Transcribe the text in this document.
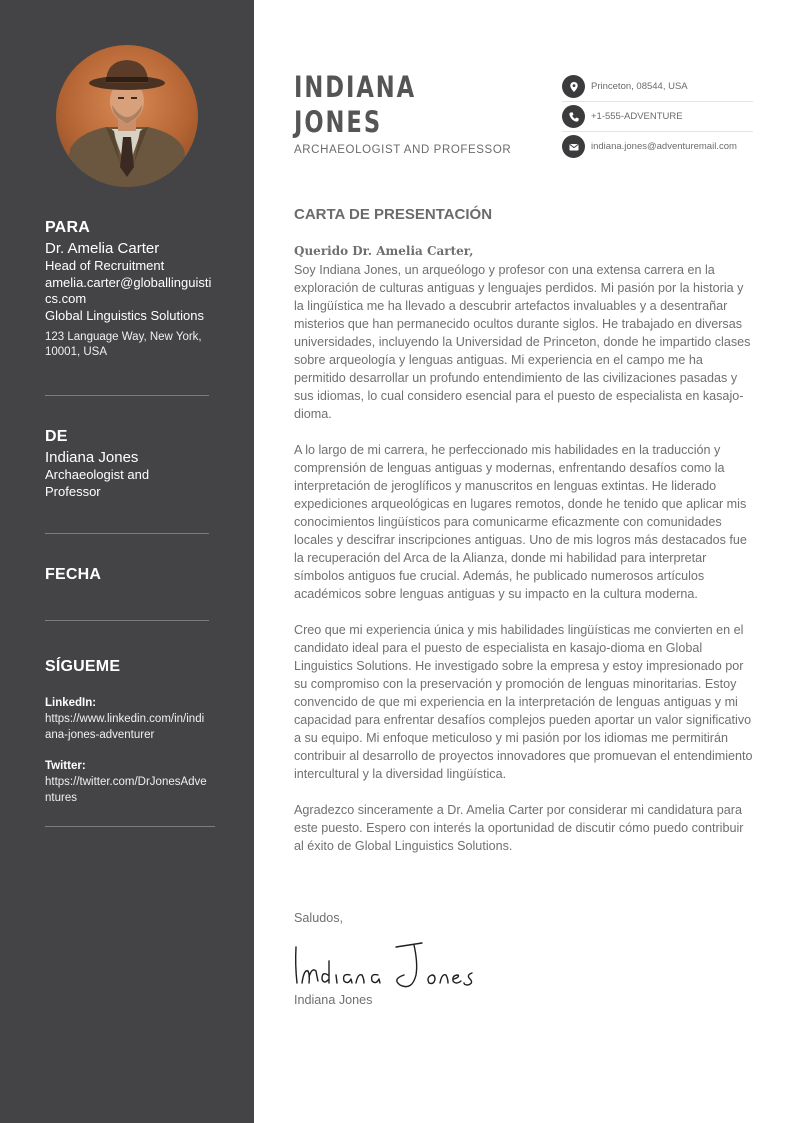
PARA
Dr. Amelia Carter
Head of Recruitment
amelia.carter@globallinguistics.com
Global Linguistics Solutions
123 Language Way, New York, 10001, USA
DE
Indiana Jones
Archaeologist and Professor
FECHA
SÍGUEME
LinkedIn:
https://www.linkedin.com/in/indiana-jones-adventurer
Twitter:
https://twitter.com/DrJonesAdventures
INDIANA
JONES
ARCHAEOLOGIST AND PROFESSOR
Princeton, 08544, USA
+1-555-ADVENTURE
indiana.jones@adventuremail.com
CARTA DE PRESENTACIÓN
Querido Dr. Amelia Carter,

Soy Indiana Jones, un arqueólogo y profesor con una extensa carrera en la exploración de culturas antiguas y lenguajes perdidos. Mi pasión por la historia y la lingüística me ha llevado a descubrir artefactos invaluables y a desentrañar misterios que han permanecido ocultos durante siglos. He trabajado en diversas universidades, incluyendo la Universidad de Princeton, donde he impartido clases sobre arqueología y lenguas antiguas. Mi experiencia en el campo me ha permitido desarrollar un profundo entendimiento de las civilizaciones pasadas y sus idiomas, lo cual considero esencial para el puesto de especialista en kasajo-dioma.

A lo largo de mi carrera, he perfeccionado mis habilidades en la traducción y comprensión de lenguas antiguas y modernas, enfrentando desafíos como la interpretación de jeroglíficos y manuscritos en lenguas extintas. He liderado expediciones arqueológicas en lugares remotos, donde he tenido que aplicar mis conocimientos lingüísticos para comunicarme eficazmente con comunidades locales y descifrar inscripciones antiguas. Uno de mis logros más destacados fue la recuperación del Arca de la Alianza, donde mi habilidad para interpretar símbolos antiguos fue crucial. Además, he publicado numerosos artículos académicos sobre lenguas antiguas y su impacto en la cultura moderna.

Creo que mi experiencia única y mis habilidades lingüísticas me convierten en el candidato ideal para el puesto de especialista en kasajo-dioma en Global Linguistics Solutions. He investigado sobre la empresa y estoy impresionado por su compromiso con la preservación y promoción de lenguas minoritarias. Estoy convencido de que mi experiencia en la interpretación de lenguas antiguas y mi capacidad para enfrentar desafíos complejos pueden aportar un valor significativo a su equipo. Mi enfoque meticuloso y mi pasión por los idiomas me permitirán contribuir al desarrollo de proyectos innovadores que promuevan el entendimiento intercultural y la diversidad lingüística.

Agradezco sinceramente a Dr. Amelia Carter por considerar mi candidatura para este puesto. Espero con interés la oportunidad de discutir cómo puedo contribuir al éxito de Global Linguistics Solutions.

Saludos,
Indiana Jones
